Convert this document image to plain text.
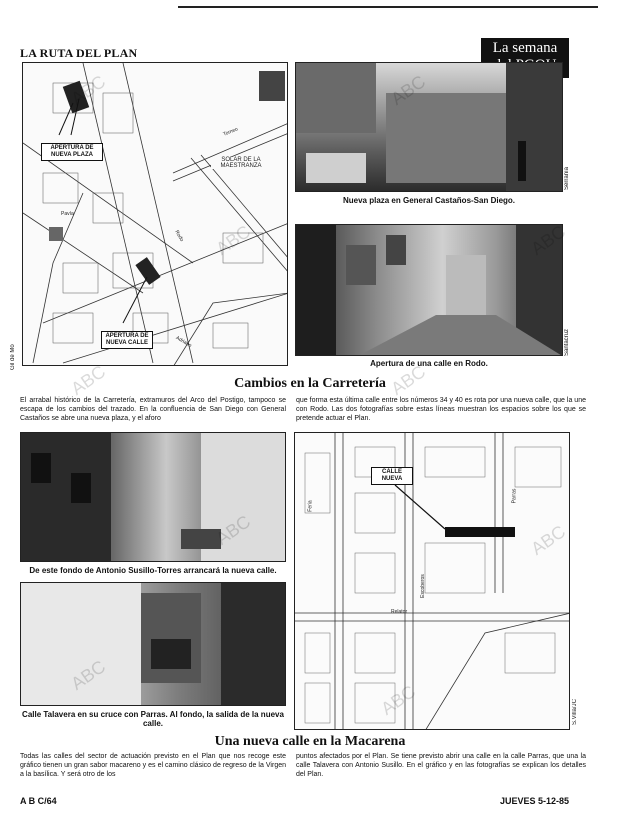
LA RUTA DEL PLAN	La semana
APERTURA DE NUEVA PLAZA
APERTURA DE NUEVA CALLE
SOLAR DE LA MAESTRANZA
Torneo
Rodo
Adriano
Pavía
Gil de Mo
Serranía
Nueva plaza en General Castaños-San Diego.
Santacruz
Apertura de una calle en Rodo.
Cambios en la Carretería
El arrabal histórico de la Carretería, extramuros del Arco del Postigo, tampoco se escapa de los cambios del trazado. En la confluencia de San Diego con General Castaños se abre una nueva plaza, y el aforo
que forma esta última calle entre los números 34 y 40 es rota por una nueva calle, que la une con Rodo. Las dos fotografías sobre estas líneas muestran los espacios sobre los que se pretende actuar el Plan.
De este fondo de Antonio Susillo-Torres arrancará la nueva calle.
Calle Talavera en su cruce con Parras. Al fondo, la salida de la nueva calle.
CALLE NUEVA
Feria
Relator
Parras
Escoberos
S.Villa/JC
Una nueva calle en la Macarena
Todas las calles del sector de actuación previsto en el Plan que nos recoge este gráfico tienen un gran sabor macareno y es el camino clásico de regreso de la Virgen a la basílica. Y será otro de los
puntos afectados por el Plan. Se tiene previsto abrir una calle en la calle Parras, que una la calle Talavera con Antonio Susillo. En el gráfico y en las fotografías se explican los detalles del Plan.
A B C/64	JUEVES 5-12-85
ABC	ABC
